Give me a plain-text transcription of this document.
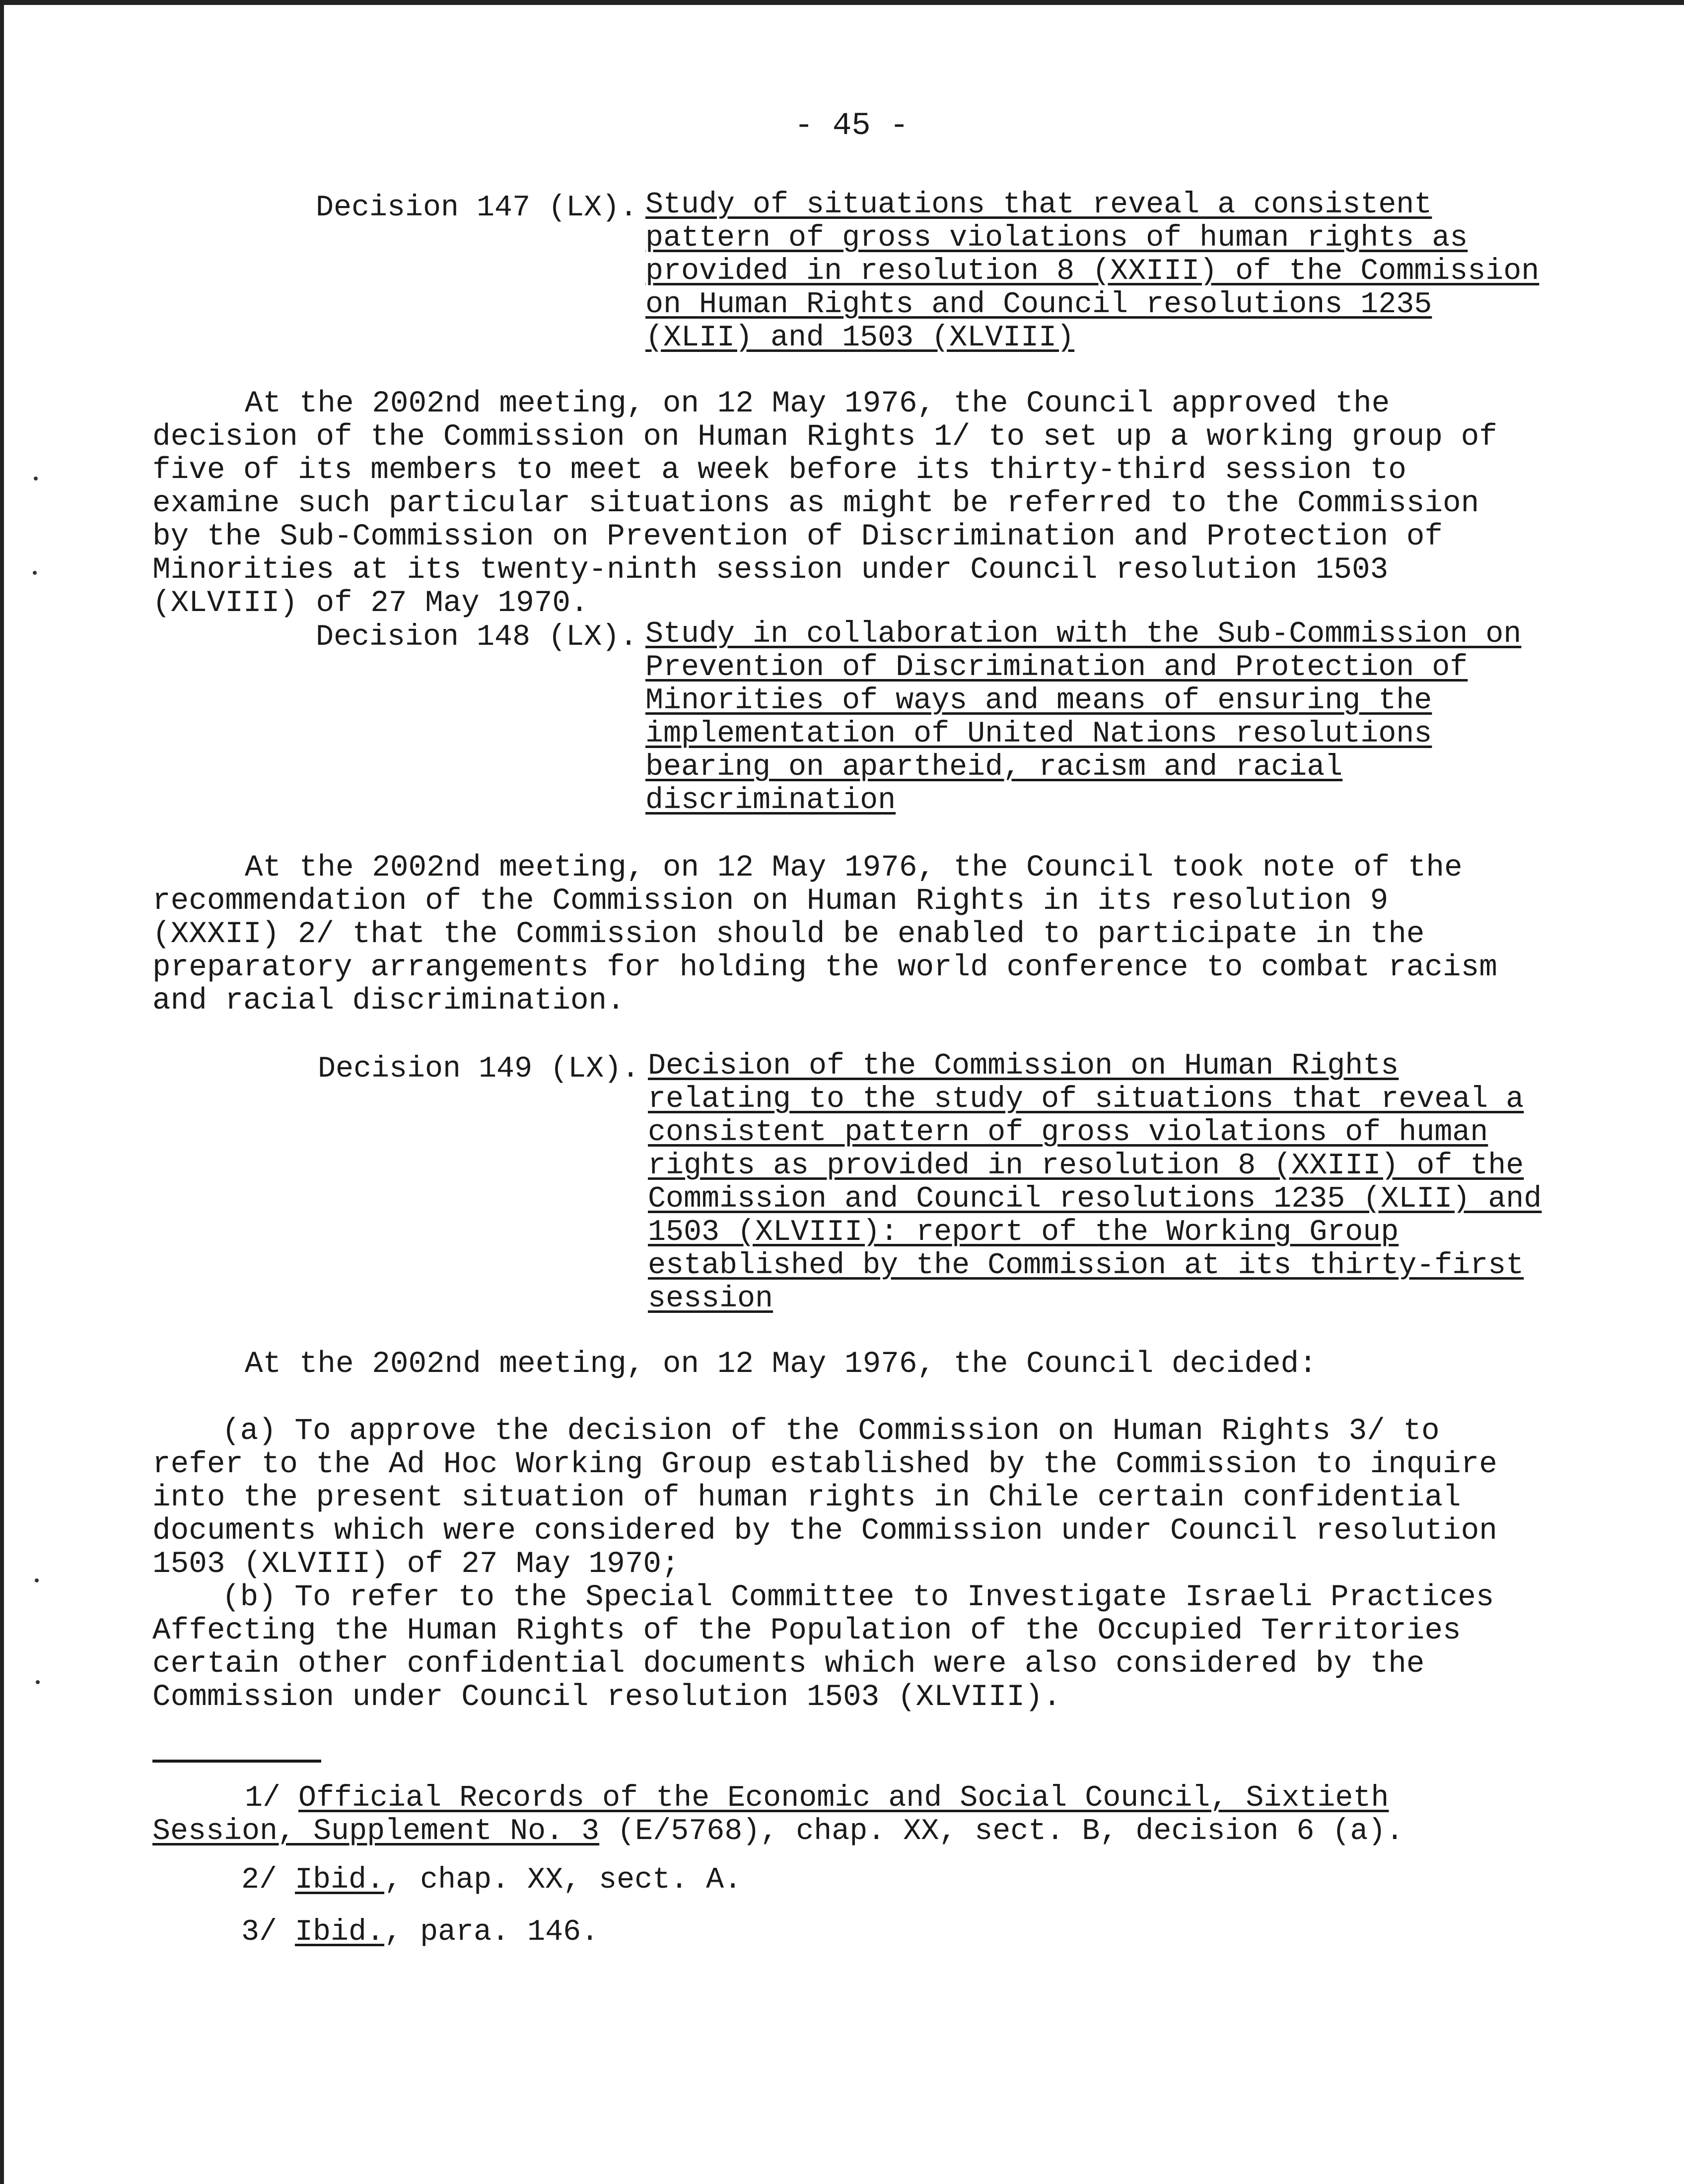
- 45 -
Decision 147 (LX). Study of situations that reveal a consistent pattern of gross violations of human rights as provided in resolution 8 (XXIII) of the Commission on Human Rights and Council resolutions 1235 (XLII) and 1503 (XLVIII)
At the 2002nd meeting, on 12 May 1976, the Council approved the decision of the Commission on Human Rights 1/ to set up a working group of five of its members to meet a week before its thirty-third session to examine such particular situations as might be referred to the Commission by the Sub-Commission on Prevention of Discrimination and Protection of Minorities at its twenty-ninth session under Council resolution 1503 (XLVIII) of 27 May 1970.
Decision 148 (LX). Study in collaboration with the Sub-Commission on Prevention of Discrimination and Protection of Minorities of ways and means of ensuring the implementation of United Nations resolutions bearing on apartheid, racism and racial discrimination
At the 2002nd meeting, on 12 May 1976, the Council took note of the recommendation of the Commission on Human Rights in its resolution 9 (XXXII) 2/ that the Commission should be enabled to participate in the preparatory arrangements for holding the world conference to combat racism and racial discrimination.
Decision 149 (LX). Decision of the Commission on Human Rights relating to the study of situations that reveal a consistent pattern of gross violations of human rights as provided in resolution 8 (XXIII) of the Commission and Council resolutions 1235 (XLII) and 1503 (XLVIII): report of the Working Group established by the Commission at its thirty-first session
At the 2002nd meeting, on 12 May 1976, the Council decided:
(a) To approve the decision of the Commission on Human Rights 3/ to refer to the Ad Hoc Working Group established by the Commission to inquire into the present situation of human rights in Chile certain confidential documents which were considered by the Commission under Council resolution 1503 (XLVIII) of 27 May 1970;
(b) To refer to the Special Committee to Investigate Israeli Practices Affecting the Human Rights of the Population of the Occupied Territories certain other confidential documents which were also considered by the Commission under Council resolution 1503 (XLVIII).
1/ Official Records of the Economic and Social Council, Sixtieth Session, Supplement No. 3 (E/5768), chap. XX, sect. B, decision 6 (a).
2/ Ibid., chap. XX, sect. A.
3/ Ibid., para. 146.
